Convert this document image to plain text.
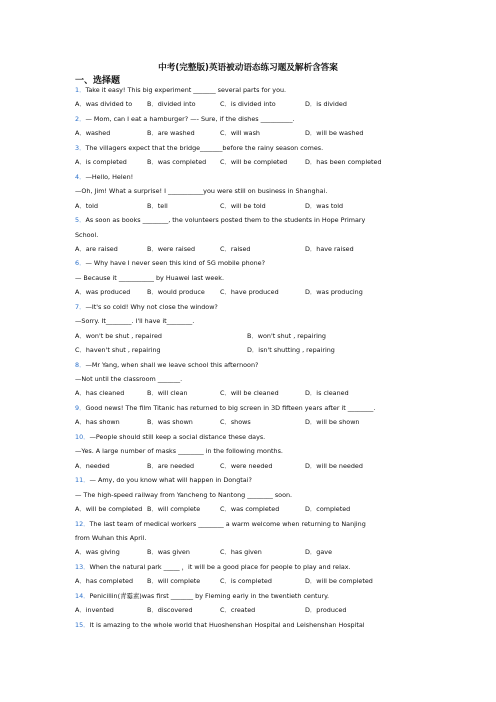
中考(完整版)英语被动语态练习题及解析含答案
一、选择题
1．Take it easy! This big experiment _______ several parts for you.
A．was divided to B．divided into	C．is divided into	D．is divided
2．— Mom, can I eat a hamburger? —- Sure, if the dishes __________.
A．washed	B．are washed	C．will wash	D．will be washed
3．The villagers expect that the bridge_______before the rainy season comes.
A．is completed	B．was completed C．will be completed	D．has been completed
4．—Hello, Helen!
—Oh, Jim! What a surprise! I ___________you were still on business in Shanghai.
A．told	B．tell	C．will be told	D．was told
5．As soon as books ________, the volunteers posted them to the students in Hope Primary
School.
A．are raised	B．were raised	C．raised	D．have raised
6．— Why have I never seen this kind of 5G mobile phone?
— Because it ___________ by Huawei last week.
A．was produced	B．would produce C．have produced	D．was producing
7．—It's so cold! Why not close the window?
—Sorry. It________. I'll have it________.
A．won't be shut , repaired	B．won't shut , repairing
C．haven't shut , repairing	D．isn't shutting , repairing
8．—Mr Yang, when shall we leave school this afternoon?
—Not until the classroom _______.
A．has cleaned	B．will clean	C．will be cleaned	D．is cleaned
9．Good news! The film Titanic has returned to big screen in 3D fifteen years after it ________.
A．has shown	B．was shown	C．shows	D．will be shown
10．—People should still keep a social distance these days.
—Yes. A large number of masks ________ in the following months.
A．needed	B．are needed	C．were needed	D．will be needed
11．— Amy, do you know what will happen in Dongtai?
— The high-speed railway from Yancheng to Nantong ________ soon.
A．will be completed B．will complete	C．was completed	D．completed
12．The last team of medical workers ________ a warm welcome when returning to Nanjing
from Wuhan this April.
A．was giving	B．was given	C．has given	D．gave
13．When the natural park _____ ，it will be a good place for people to play and relax.
A．has completed B．will complete	C．is completed	D．will be completed
14．Penicillin(青霉素)was first _______ by Fleming early in the twentieth century.
A．invented	B．discovered	C．created	D．produced
15．It is amazing to the whole world that Huoshenshan Hospital and Leishenshan Hospital
